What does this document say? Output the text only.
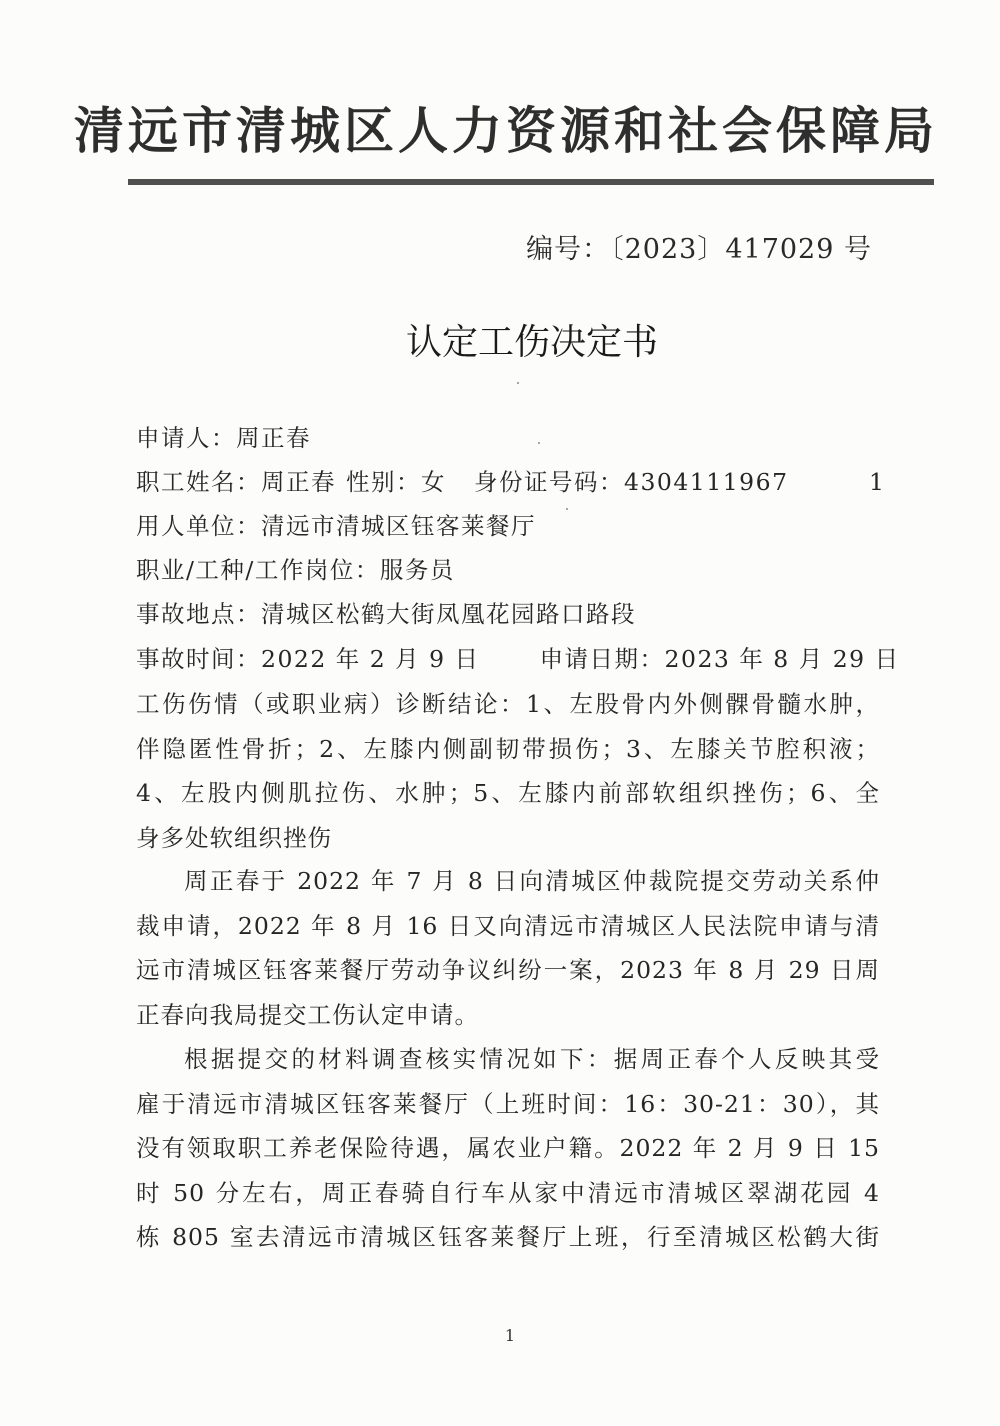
清远市清城区人力资源和社会保障局
编号：〔2023〕417029 号
认定工伤决定书
申请人：周正春
职工姓名：周正春 性别：女 身份证号码：4304111967	1
用人单位：清远市清城区钰客莱餐厅
职业/工种/工作岗位：服务员
事故地点：清城区松鹤大街凤凰花园路口路段
事故时间：2022 年 2 月 9 日	申请日期：2023 年 8 月 29 日
工伤伤情（或职业病）诊断结论：1、左股骨内外侧髁骨髓水肿，
伴隐匿性骨折；2、左膝内侧副韧带损伤；3、左膝关节腔积液；
4、左股内侧肌拉伤、水肿；5、左膝内前部软组织挫伤；6、全
身多处软组织挫伤
周正春于 2022 年 7 月 8 日向清城区仲裁院提交劳动关系仲
裁申请，2022 年 8 月 16 日又向清远市清城区人民法院申请与清
远市清城区钰客莱餐厅劳动争议纠纷一案，2023 年 8 月 29 日周
正春向我局提交工伤认定申请。
根据提交的材料调查核实情况如下：据周正春个人反映其受
雇于清远市清城区钰客莱餐厅（上班时间：16：30-21：30），其
没有领取职工养老保险待遇，属农业户籍。2022 年 2 月 9 日 15
时 50 分左右，周正春骑自行车从家中清远市清城区翠湖花园 4
栋 805 室去清远市清城区钰客莱餐厅上班，行至清城区松鹤大街
1
